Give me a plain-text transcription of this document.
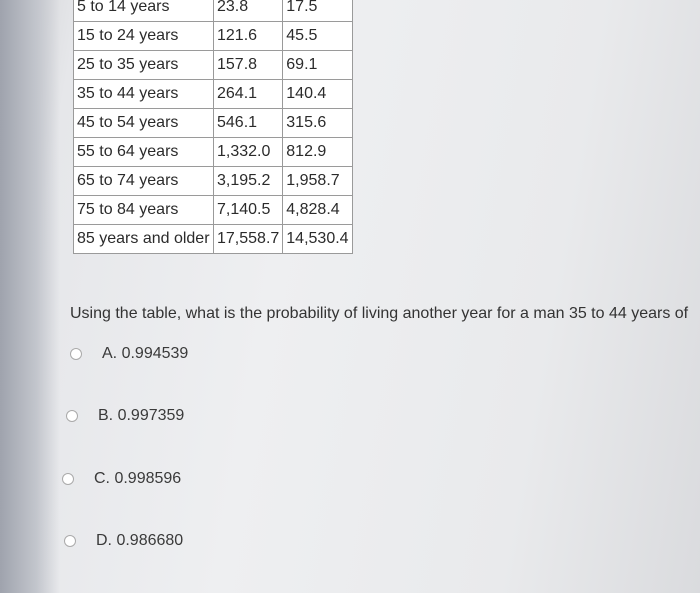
5 to 14 years	23.8	17.5
15 to 24 years	121.6	45.5
25 to 35 years	157.8	69.1
35 to 44 years	264.1	140.4
45 to 54 years	546.1	315.6
55 to 64 years	1,332.0	812.9
65 to 74 years	3,195.2	1,958.7
75 to 84 years	7,140.5	4,828.4
85 years and older	17,558.7	14,530.4
Using the table, what is the probability of living another year for a man 35 to 44 years of
A.
0.994539
B.
0.997359
C.
0.998596
D.
0.986680
